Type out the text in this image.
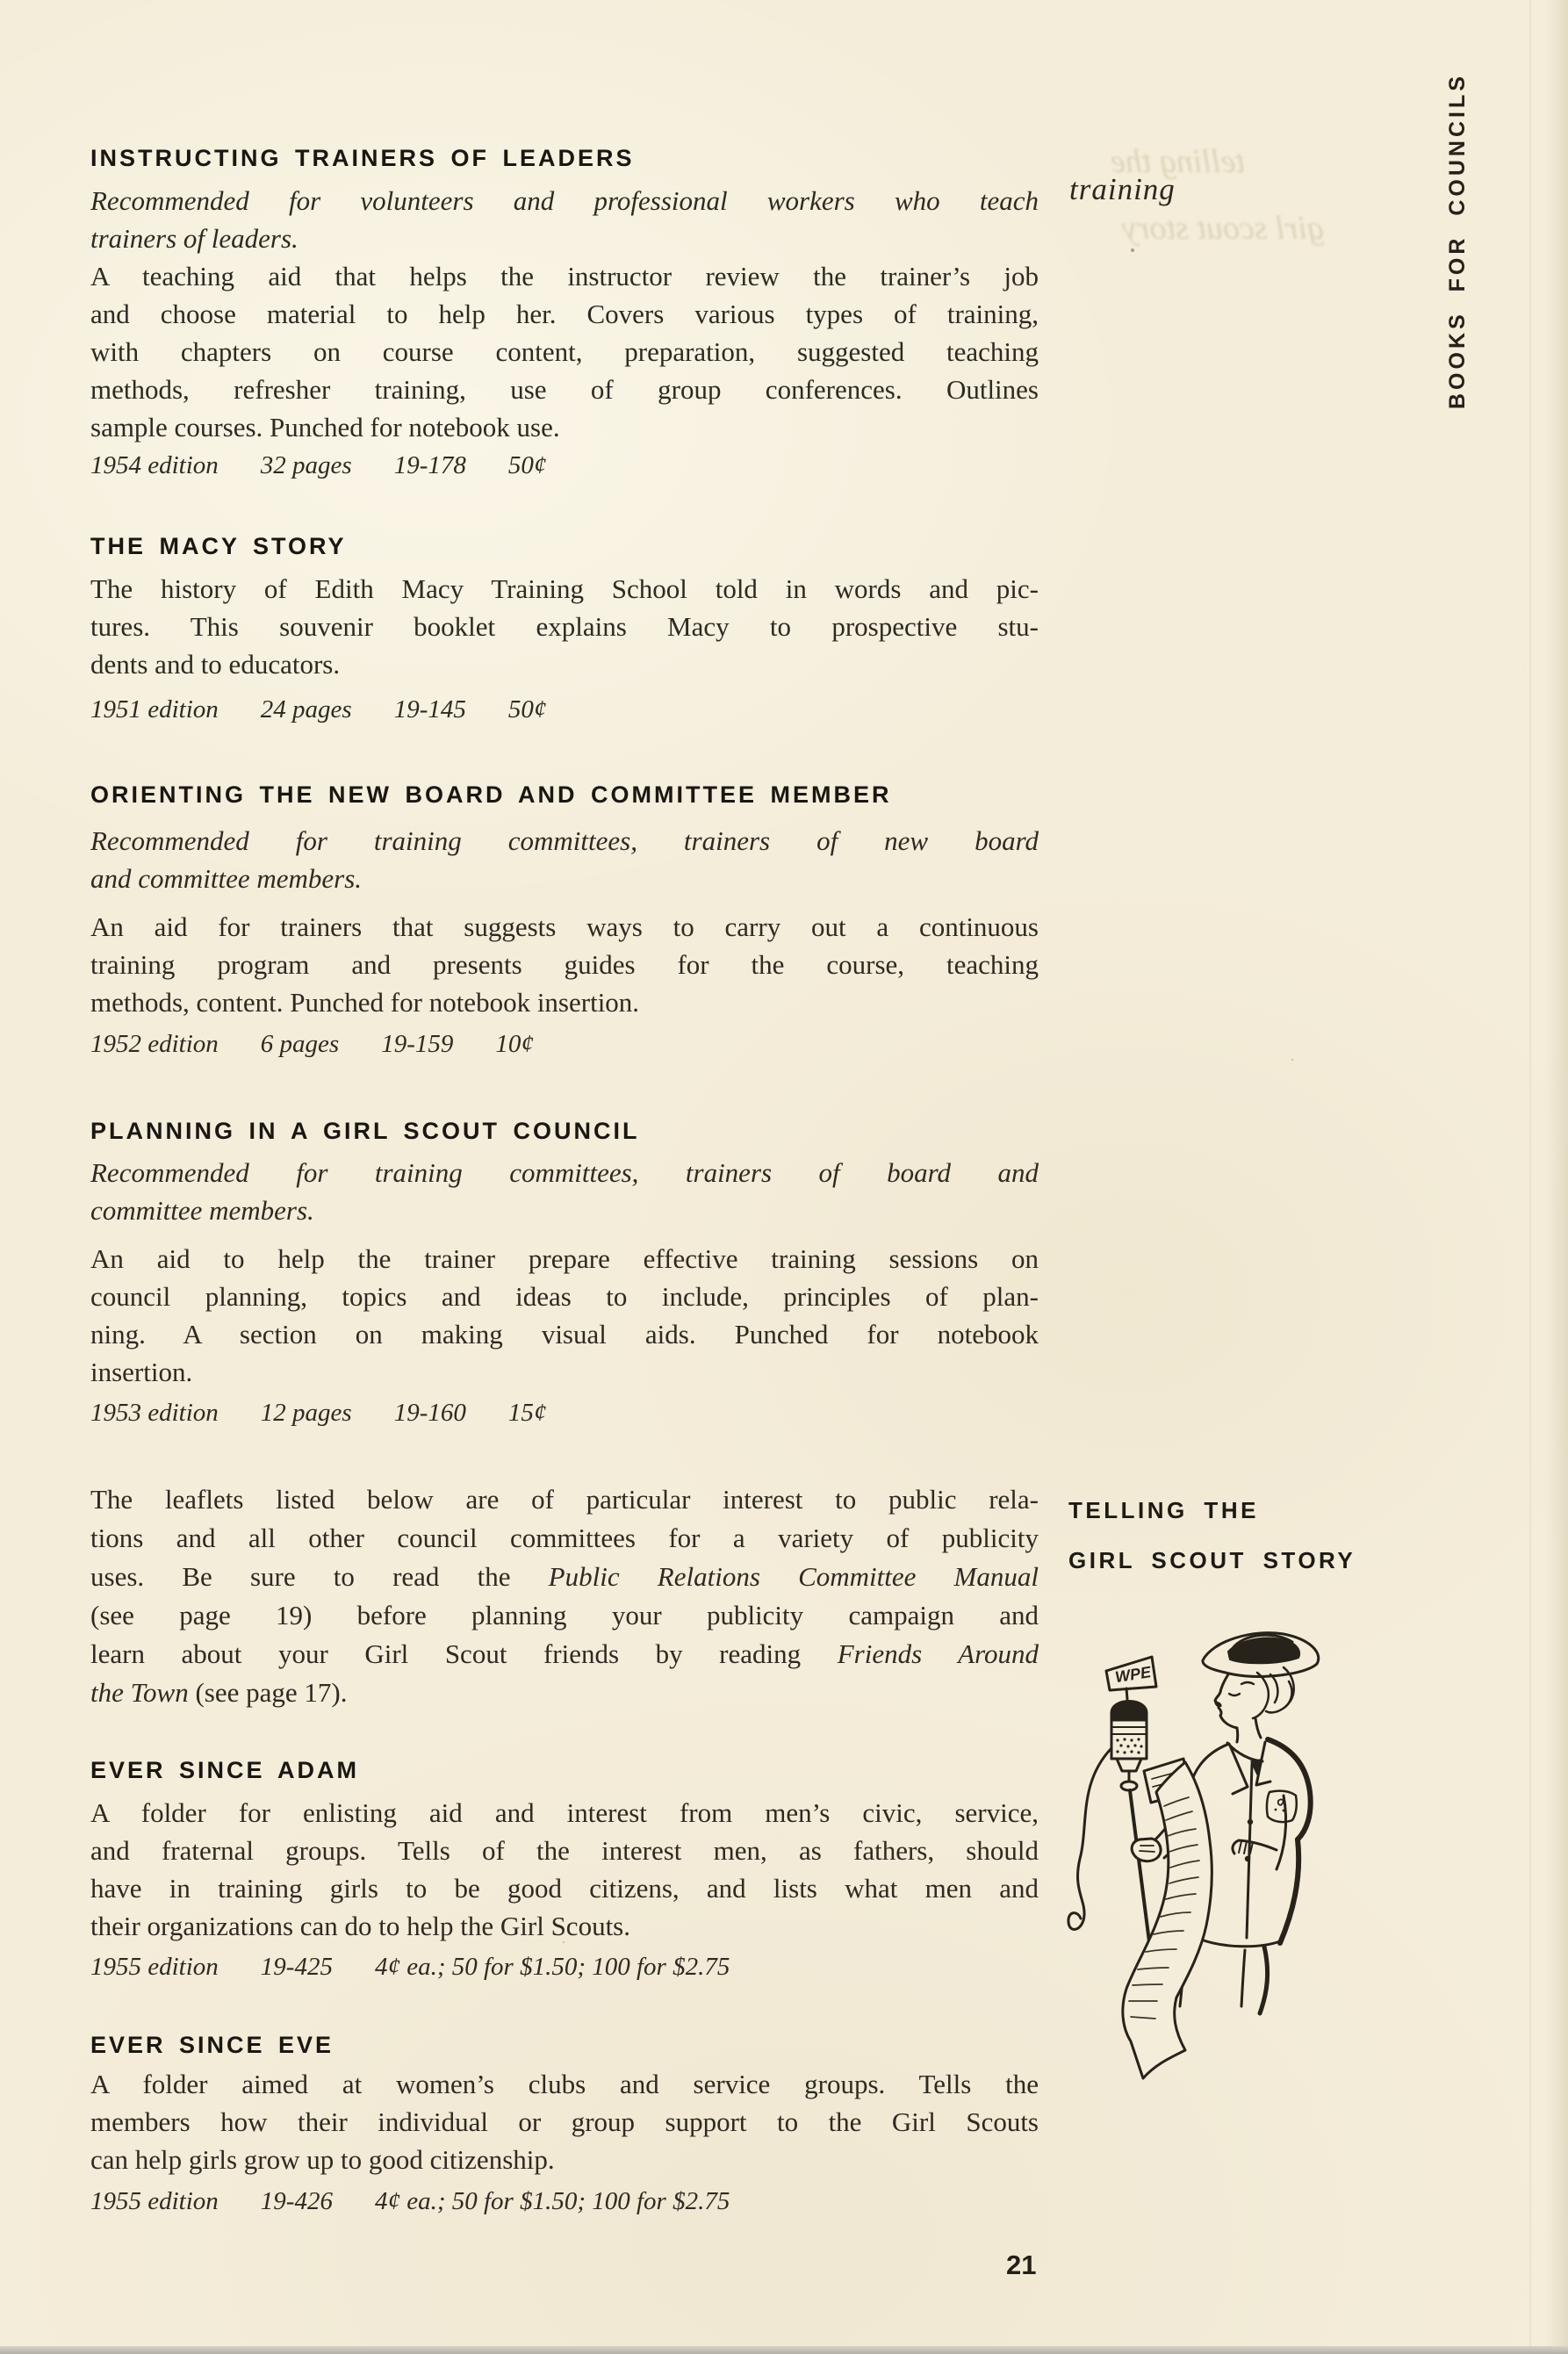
telling the
girl scout story
INSTRUCTING TRAINERS OF LEADERS
Recommended for volunteers and professional workers who teach
trainers of leaders.
A teaching aid that helps the instructor review the trainer’s job
and choose material to help her. Covers various types of training,
with chapters on course content, preparation, suggested teaching
methods, refresher training, use of group conferences. Outlines
sample courses. Punched for notebook use.
1954 edition 32 pages 19-178 50¢
THE MACY STORY
The history of Edith Macy Training School told in words and pic-
tures. This souvenir booklet explains Macy to prospective stu-
dents and to educators.
1951 edition 24 pages 19-145 50¢
ORIENTING THE NEW BOARD AND COMMITTEE MEMBER
Recommended for training committees, trainers of new board
and committee members.
An aid for trainers that suggests ways to carry out a continuous
training program and presents guides for the course, teaching
methods, content. Punched for notebook insertion.
1952 edition 6 pages 19-159 10¢
PLANNING IN A GIRL SCOUT COUNCIL
Recommended for training committees, trainers of board and
committee members.
An aid to help the trainer prepare effective training sessions on
council planning, topics and ideas to include, principles of plan-
ning. A section on making visual aids. Punched for notebook
insertion.
1953 edition 12 pages 19-160 15¢
The leaflets listed below are of particular interest to public rela-
tions and all other council committees for a variety of publicity
uses. Be sure to read the Public Relations Committee Manual
(see page 19) before planning your publicity campaign and
learn about your Girl Scout friends by reading Friends Around
the Town (see page 17).
EVER SINCE ADAM
A folder for enlisting aid and interest from men’s civic, service,
and fraternal groups. Tells of the interest men, as fathers, should
have in training girls to be good citizens, and lists what men and
their organizations can do to help the Girl Scouts.
1955 edition 19-425 4¢ ea.; 50 for $1.50; 100 for $2.75
EVER SINCE EVE
A folder aimed at women’s clubs and service groups. Tells the
members how their individual or group support to the Girl Scouts
can help girls grow up to good citizenship.
1955 edition 19-426 4¢ ea.; 50 for $1.50; 100 for $2.75
training
TELLING THE
GIRL SCOUT STORY
BOOKS FOR COUNCILS
WPE
21
